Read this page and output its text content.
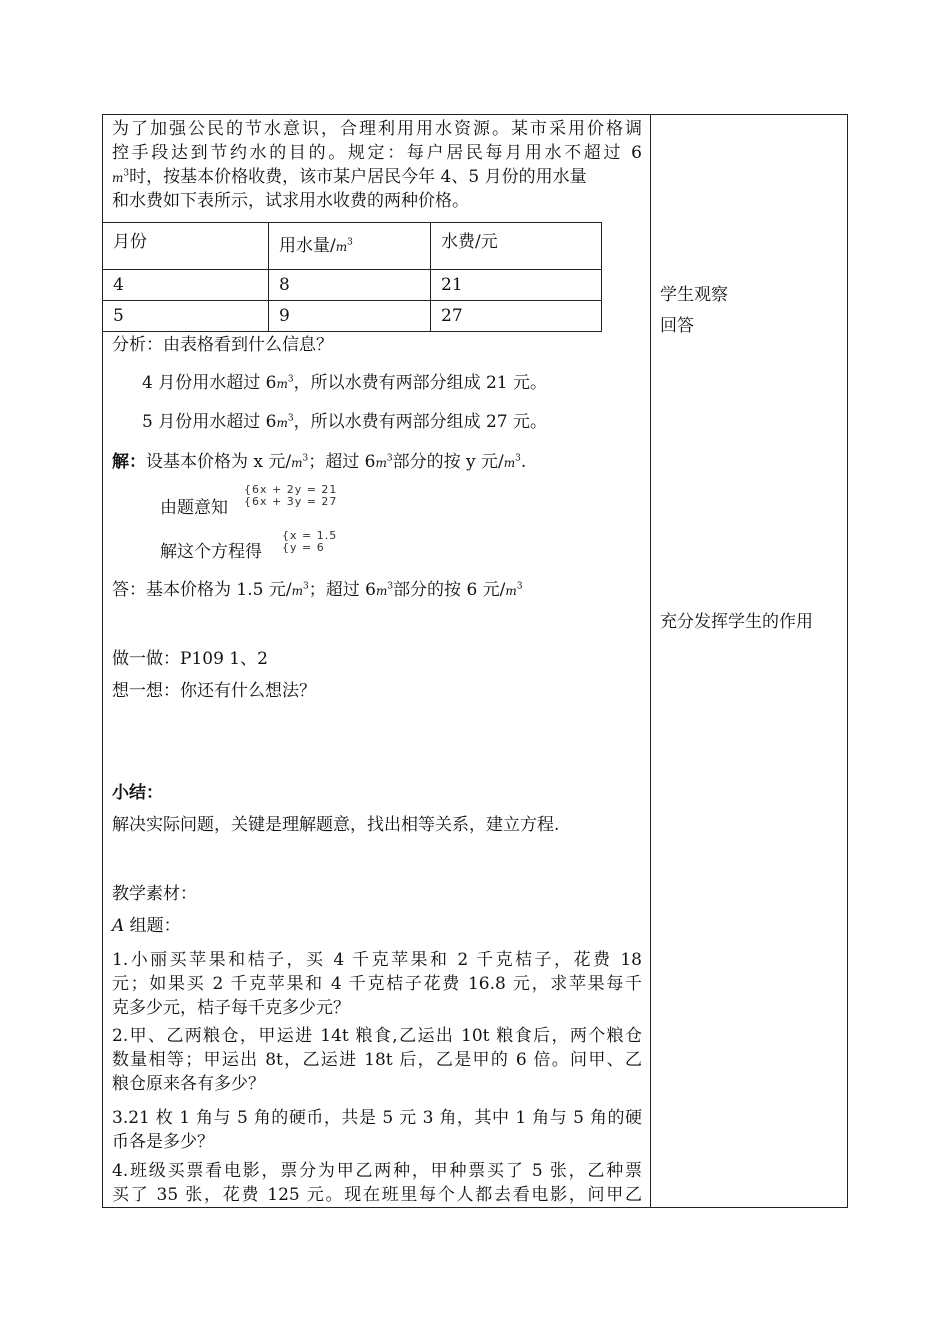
为了加强公民的节水意识，合理利用用水资源。某市采用价格调
控手段达到节约水的目的。规定：每户居民每月用水不超过 6
$m^3$时，按基本价格收费，该市某户居民今年 4、5 月份的用水量
和水费如下表所示，试求用水收费的两种价格。
月份	用水量$/m^3$	水费/元
4	8	21
5	9	27
分析：由表格看到什么信息？
4 月份用水超过 $6m^3$，所以水费有两部分组成 21 元。
5 月份用水超过 $6m^3$，所以水费有两部分组成 27 元。
解：设基本价格为 x 元$/m^3$；超过 $6m^3$部分的按 y 元$/m^3$.
由题意知
{6x + 2y = 21
{6x + 3y = 27
解这个方程得
{x = 1.5
{y = 6
答：基本价格为 1.5 元$/m^3$；超过 $6m^3$部分的按 6 元$/m^3$
做一做：P109 1、2
想一想：你还有什么想法？
小结：
解决实际问题，关键是理解题意，找出相等关系，建立方程.
教学素材：
A 组题：
1.小丽买苹果和桔子，买 4 千克苹果和 2 千克桔子，花费 18
元；如果买 2 千克苹果和 4 千克桔子花费 16.8 元，求苹果每千
克多少元，桔子每千克多少元？
2.甲、乙两粮仓，甲运进 14t 粮食,乙运出 10t 粮食后，两个粮仓
数量相等；甲运出 8t，乙运进 18t 后，乙是甲的 6 倍。问甲、乙
粮仓原来各有多少？
3.21 枚 1 角与 5 角的硬币，共是 5 元 3 角，其中 1 角与 5 角的硬
币各是多少？
4.班级买票看电影，票分为甲乙两种，甲种票买了 5 张，乙种票
买了 35 张，花费 125 元。现在班里每个人都去看电影，问甲乙
学生观察
回答
充分发挥学生的作用
